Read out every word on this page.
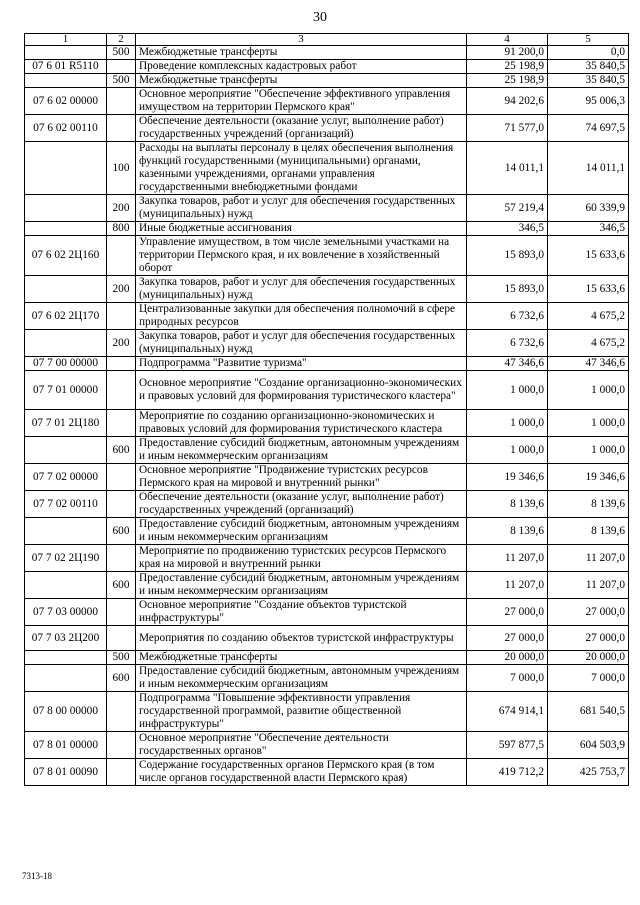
30
1	2	3	4	5
	500	Межбюджетные трансферты	91 200,0	0,0
07 6 01 R5110		Проведение комплексных кадастровых работ	25 198,9	35 840,5
	500	Межбюджетные трансферты	25 198,9	35 840,5
07 6 02 00000		Основное мероприятие "Обеспечение эффективного управления имуществом на территории Пермского края"	94 202,6	95 006,3
07 6 02 00110		Обеспечение деятельности (оказание услуг, выполнение работ) государственных учреждений (организаций)	71 577,0	74 697,5
	100	Расходы на выплаты персоналу в целях обеспечения выполнения функций государственными (муниципальными) органами, казенными учреждениями, органами управления государственными внебюджетными фондами	14 011,1	14 011,1
	200	Закупка товаров, работ и услуг для обеспечения государственных (муниципальных) нужд	57 219,4	60 339,9
	800	Иные бюджетные ассигнования	346,5	346,5
07 6 02 2Ц160		Управление имуществом, в том числе земельными участками на территории Пермского края, и их вовлечение в хозяйственный оборот	15 893,0	15 633,6
	200	Закупка товаров, работ и услуг для обеспечения государственных (муниципальных) нужд	15 893,0	15 633,6
07 6 02 2Ц170		Централизованные закупки для обеспечения полномочий в сфере природных ресурсов	6 732,6	4 675,2
	200	Закупка товаров, работ и услуг для обеспечения государственных (муниципальных) нужд	6 732,6	4 675,2
07 7 00 00000		Подпрограмма "Развитие туризма"	47 346,6	47 346,6
07 7 01 00000		Основное мероприятие "Создание организационно-экономических и правовых условий для формирования туристического кластера"	1 000,0	1 000,0
07 7 01 2Ц180		Мероприятие по созданию организационно-экономических и правовых условий для формирования туристического кластера	1 000,0	1 000,0
	600	Предоставление субсидий бюджетным, автономным учреждениям и иным некоммерческим организациям	1 000,0	1 000,0
07 7 02 00000		Основное мероприятие "Продвижение туристских ресурсов Пермского края на мировой и внутренний рынки"	19 346,6	19 346,6
07 7 02 00110		Обеспечение деятельности (оказание услуг, выполнение работ) государственных учреждений (организаций)	8 139,6	8 139,6
	600	Предоставление субсидий бюджетным, автономным учреждениям и иным некоммерческим организациям	8 139,6	8 139,6
07 7 02 2Ц190		Мероприятие по продвижению туристских ресурсов Пермского края на мировой и внутренний рынки	11 207,0	11 207,0
	600	Предоставление субсидий бюджетным, автономным учреждениям и иным некоммерческим организациям	11 207,0	11 207,0
07 7 03 00000		Основное мероприятие "Создание объектов туристской инфраструктуры"	27 000,0	27 000,0
07 7 03 2Ц200		Мероприятия по созданию объектов туристской инфраструктуры	27 000,0	27 000,0
	500	Межбюджетные трансферты	20 000,0	20 000,0
	600	Предоставление субсидий бюджетным, автономным учреждениям и иным некоммерческим организациям	7 000,0	7 000,0
07 8 00 00000		Подпрограмма "Повышение эффективности управления государственной программой, развитие общественной инфраструктуры"	674 914,1	681 540,5
07 8 01 00000		Основное мероприятие "Обеспечение деятельности государственных органов"	597 877,5	604 503,9
07 8 01 00090		Содержание государственных органов Пермского края (в том числе органов государственной власти Пермского края)	419 712,2	425 753,7
7313-18
